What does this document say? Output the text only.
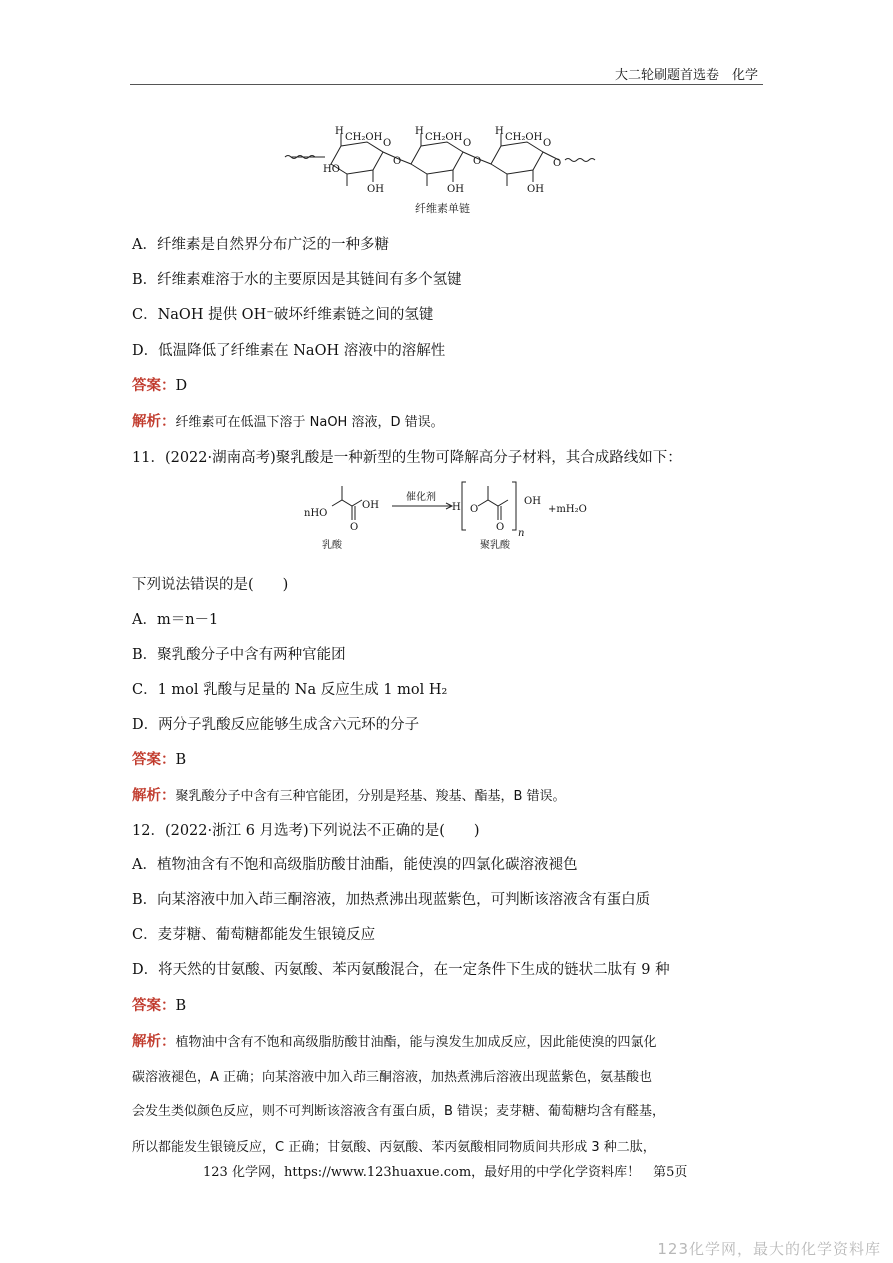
大二轮刷题首选卷　化学
H
CH₂OH
O
HO
OH
O
H
CH₂OH
O
OH
O
H
CH₂OH
O
OH
O
纤维素单链
A．纤维素是自然界分布广泛的一种多糖
B．纤维素难溶于水的主要原因是其链间有多个氢键
C．NaOH 提供 OH⁻破坏纤维素链之间的氢键
D．低温降低了纤维素在 NaOH 溶液中的溶解性
答案：D
解析：纤维素可在低温下溶于 NaOH 溶液，D 错误。
11．(2022·湖南高考)聚乳酸是一种新型的生物可降解高分子材料，其合成路线如下：
nHO
OH
O
乳酸
催化剂
H O
O
OH
n
聚乳酸
+mH₂O
下列说法错误的是(　　)
A．m＝n－1
B．聚乳酸分子中含有两种官能团
C．1 mol 乳酸与足量的 Na 反应生成 1 mol H₂
D．两分子乳酸反应能够生成含六元环的分子
答案：B
解析：聚乳酸分子中含有三种官能团，分别是羟基、羧基、酯基，B 错误。
12．(2022·浙江 6 月选考)下列说法不正确的是(　　)
A．植物油含有不饱和高级脂肪酸甘油酯，能使溴的四氯化碳溶液褪色
B．向某溶液中加入茚三酮溶液，加热煮沸出现蓝紫色，可判断该溶液含有蛋白质
C．麦芽糖、葡萄糖都能发生银镜反应
D．将天然的甘氨酸、丙氨酸、苯丙氨酸混合，在一定条件下生成的链状二肽有 9 种
答案：B
解析：植物油中含有不饱和高级脂肪酸甘油酯，能与溴发生加成反应，因此能使溴的四氯化
碳溶液褪色，A 正确；向某溶液中加入茚三酮溶液，加热煮沸后溶液出现蓝紫色，氨基酸也
会发生类似颜色反应，则不可判断该溶液含有蛋白质，B 错误；麦芽糖、葡萄糖均含有醛基，
所以都能发生银镜反应，C 正确；甘氨酸、丙氨酸、苯丙氨酸相同物质间共形成 3 种二肽，
123 化学网，https://www.123huaxue.com，最好用的中学化学资料库！　第5页
123化学网，最大的化学资料库
